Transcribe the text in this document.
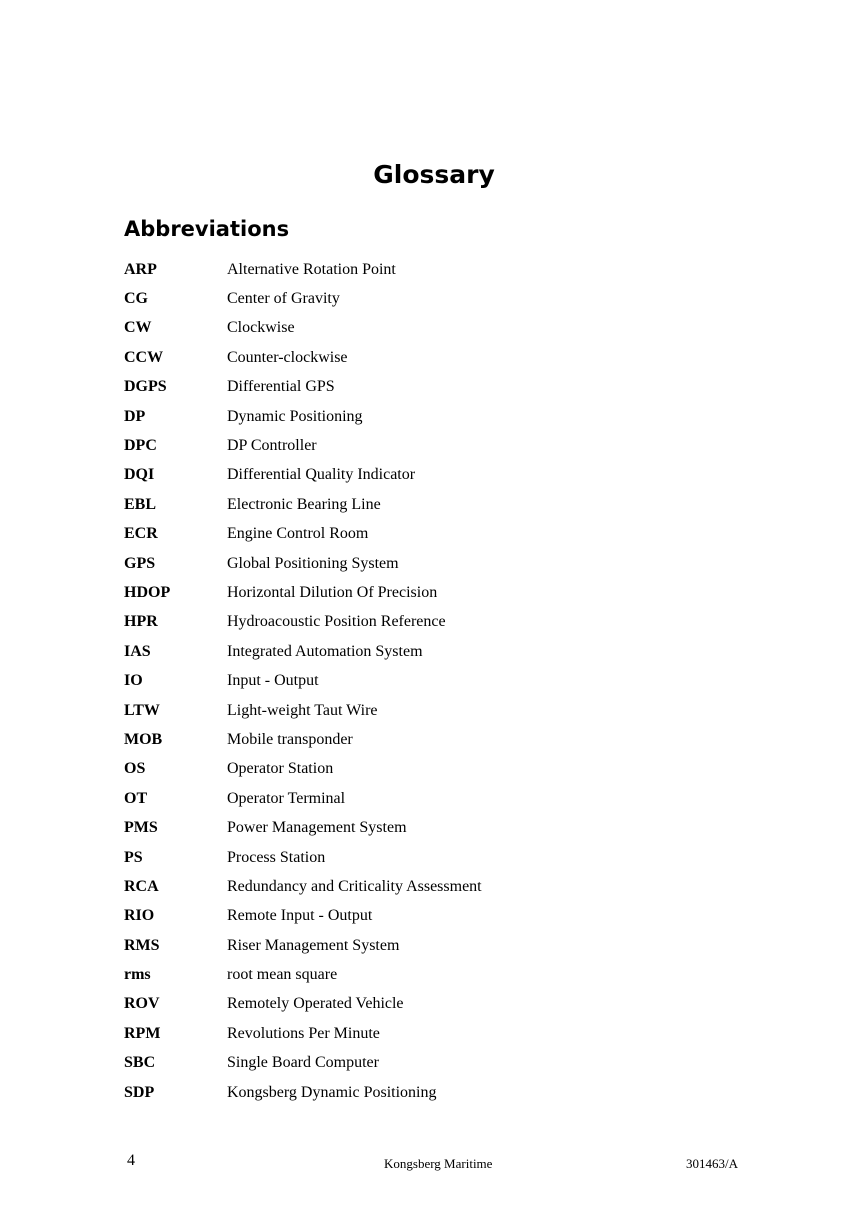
Glossary
Abbreviations
ARP	Alternative Rotation Point
CG	Center of Gravity
CW	Clockwise
CCW	Counter-clockwise
DGPS	Differential GPS
DP	Dynamic Positioning
DPC	DP Controller
DQI	Differential Quality Indicator
EBL	Electronic Bearing Line
ECR	Engine Control Room
GPS	Global Positioning System
HDOP	Horizontal Dilution Of Precision
HPR	Hydroacoustic Position Reference
IAS	Integrated Automation System
IO	Input - Output
LTW	Light-weight Taut Wire
MOB	Mobile transponder
OS	Operator Station
OT	Operator Terminal
PMS	Power Management System
PS	Process Station
RCA	Redundancy and Criticality Assessment
RIO	Remote Input - Output
RMS	Riser Management System
rms	root mean square
ROV	Remotely Operated Vehicle
RPM	Revolutions Per Minute
SBC	Single Board Computer
SDP	Kongsberg Dynamic Positioning
4	Kongsberg Maritime	301463/A
